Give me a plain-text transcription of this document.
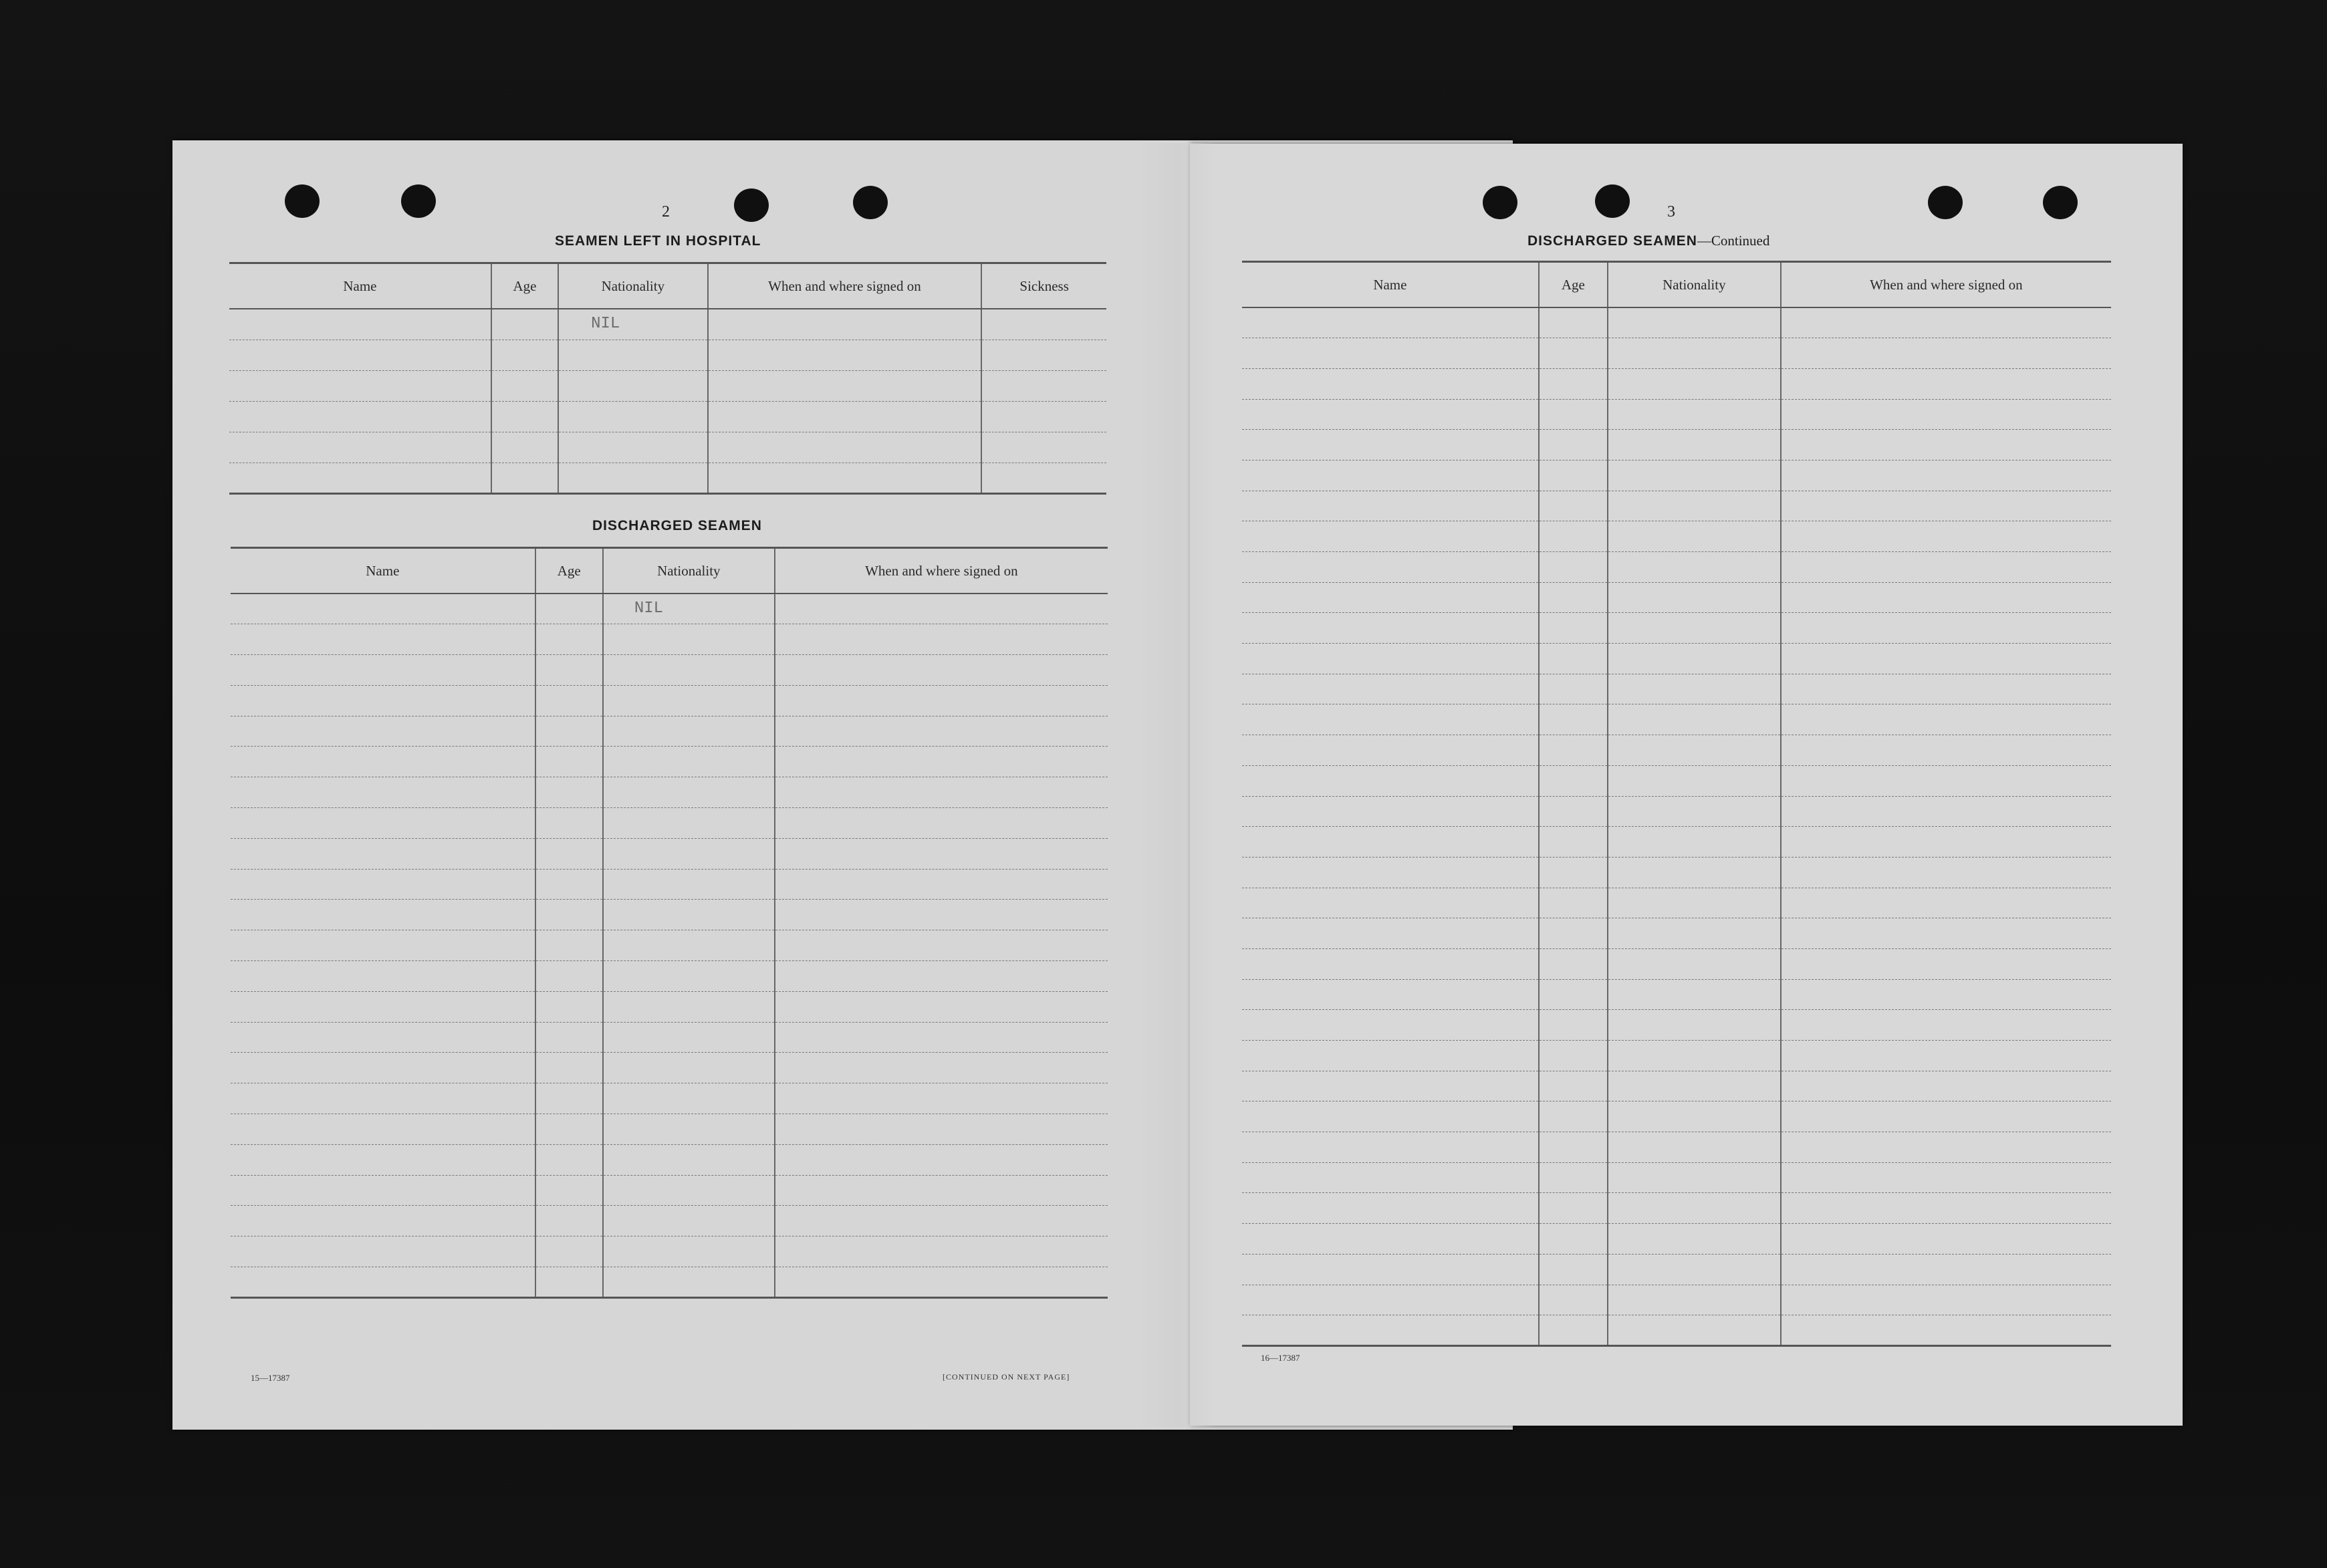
2
SEAMEN LEFT IN HOSPITAL
Name	Age	Nationality	When and where signed on	Sickness
		NIL		

DISCHARGED SEAMEN
Name	Age	Nationality	When and where signed on
		NIL	

15—17387	[CONTINUED ON NEXT PAGE]
3
DISCHARGED SEAMEN—Continued
Name	Age	Nationality	When and where signed on

16—17387
